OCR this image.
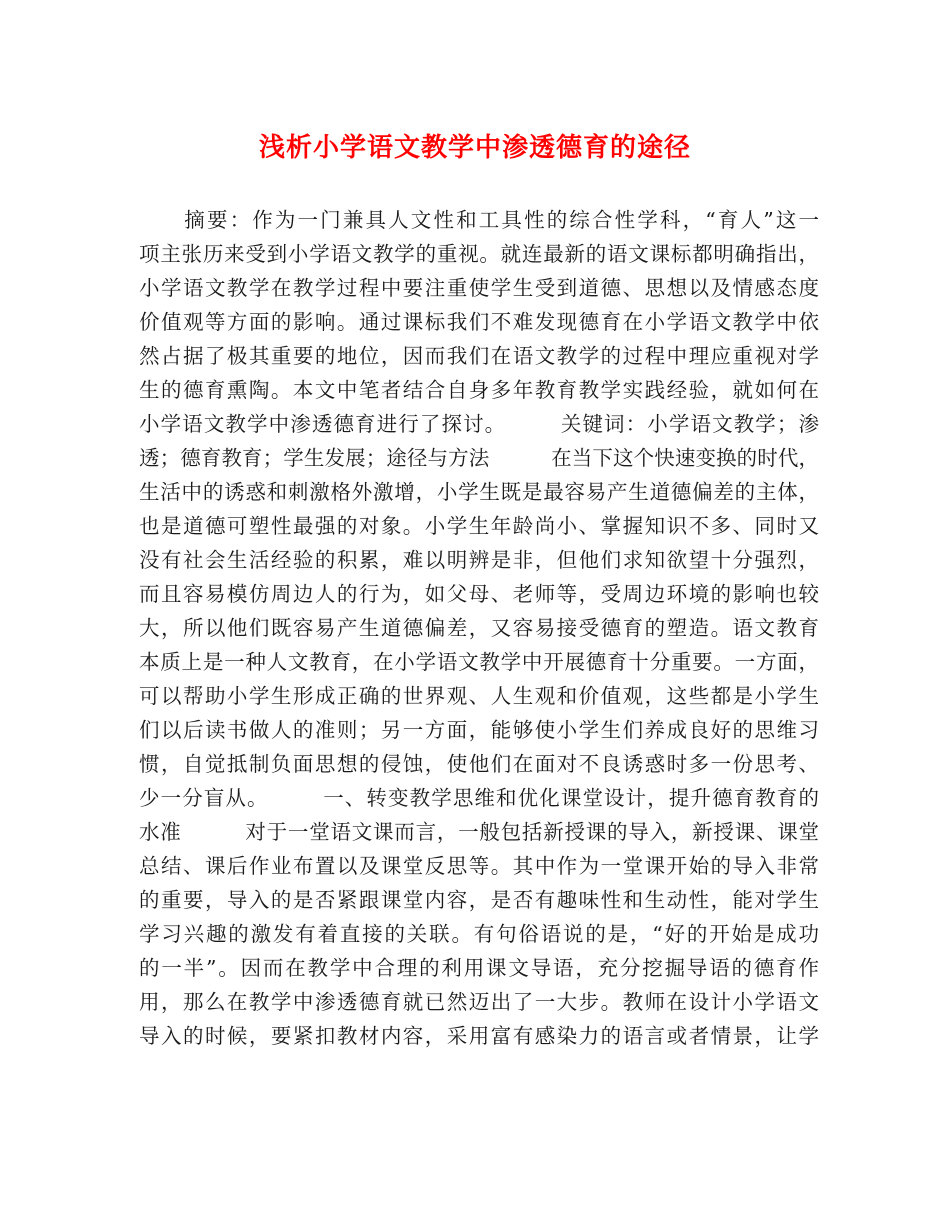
浅析小学语文教学中渗透德育的途径
　　摘要：作为一门兼具人文性和工具性的综合性学科，“育人”这一
项主张历来受到小学语文教学的重视。就连最新的语文课标都明确指出，
小学语文教学在教学过程中要注重使学生受到道德、思想以及情感态度
价值观等方面的影响。通过课标我们不难发现德育在小学语文教学中依
然占据了极其重要的地位，因而我们在语文教学的过程中理应重视对学
生的德育熏陶。本文中笔者结合自身多年教育教学实践经验，就如何在
小学语文教学中渗透德育进行了探讨。　　　关键词：小学语文教学；渗
透；德育教育；学生发展；途径与方法　　　在当下这个快速变换的时代，
生活中的诱惑和刺激格外激增，小学生既是最容易产生道德偏差的主体，
也是道德可塑性最强的对象。小学生年龄尚小、掌握知识不多、同时又
没有社会生活经验的积累，难以明辨是非，但他们求知欲望十分强烈，
而且容易模仿周边人的行为，如父母、老师等，受周边环境的影响也较
大，所以他们既容易产生道德偏差，又容易接受德育的塑造。语文教育
本质上是一种人文教育，在小学语文教学中开展德育十分重要。一方面，
可以帮助小学生形成正确的世界观、人生观和价值观，这些都是小学生
们以后读书做人的准则；另一方面，能够使小学生们养成良好的思维习
惯，自觉抵制负面思想的侵蚀，使他们在面对不良诱惑时多一份思考、
少一分盲从。　　　一、转变教学思维和优化课堂设计，提升德育教育的
水准　　　对于一堂语文课而言，一般包括新授课的导入，新授课、课堂
总结、课后作业布置以及课堂反思等。其中作为一堂课开始的导入非常
的重要，导入的是否紧跟课堂内容，是否有趣味性和生动性，能对学生
学习兴趣的激发有着直接的关联。有句俗语说的是，“好的开始是成功
的一半”。因而在教学中合理的利用课文导语，充分挖掘导语的德育作
用，那么在教学中渗透德育就已然迈出了一大步。教师在设计小学语文
导入的时候，要紧扣教材内容，采用富有感染力的语言或者情景，让学
